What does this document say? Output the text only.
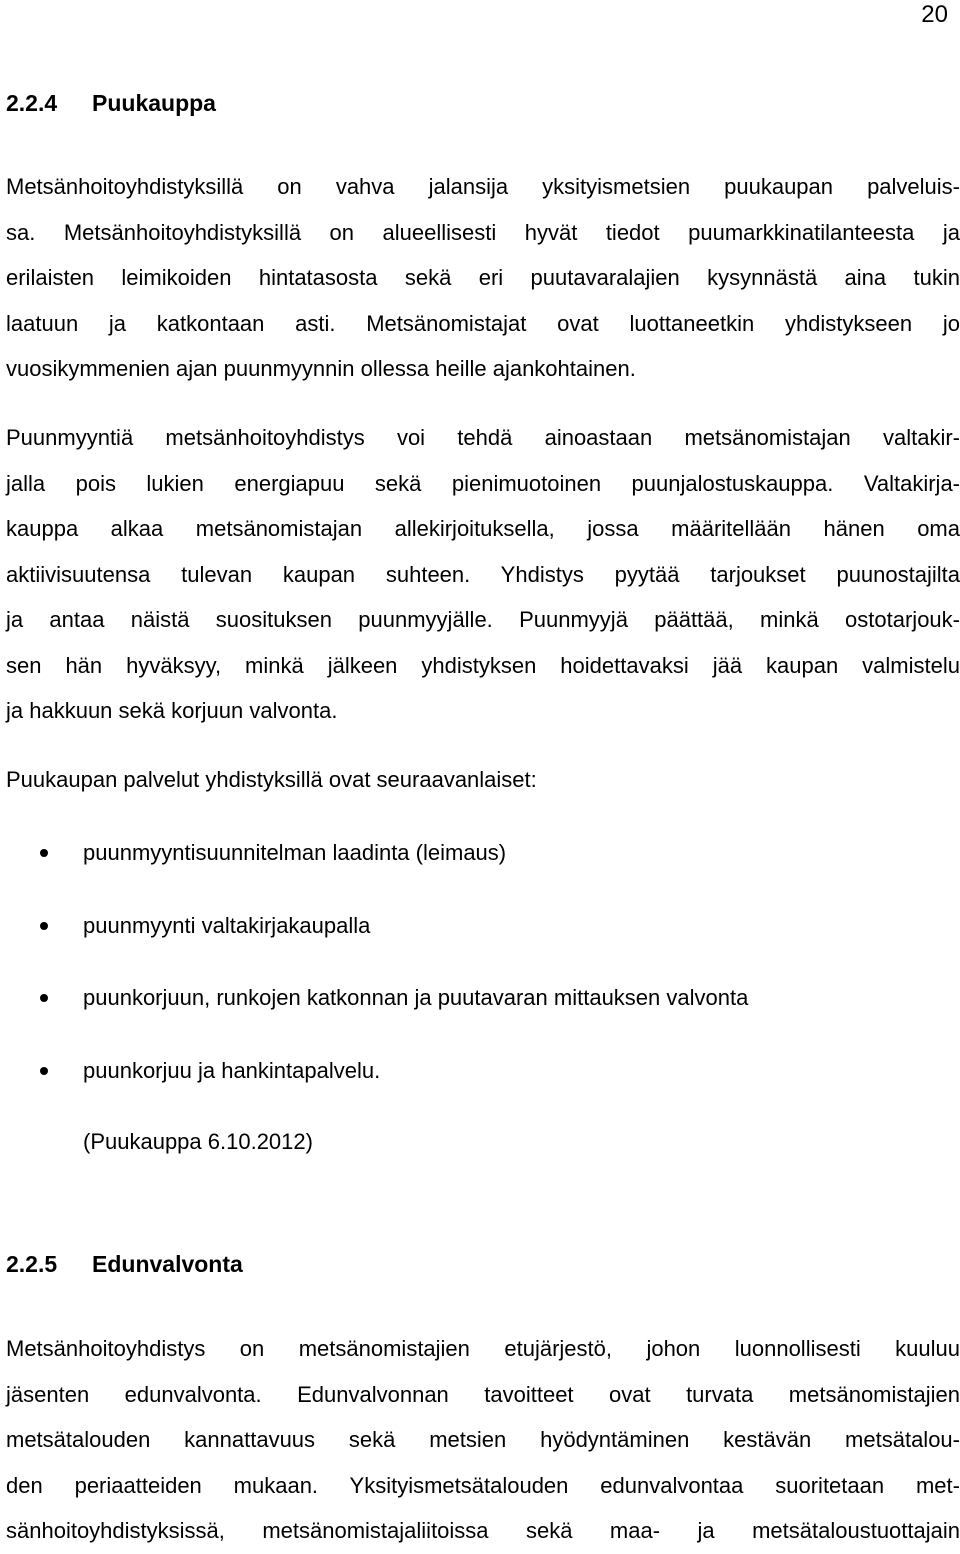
20
2.2.4 Puukauppa
Metsänhoitoyhdistyksillä on vahva jalansija yksityismetsien puukaupan palveluis-
sa. Metsänhoitoyhdistyksillä on alueellisesti hyvät tiedot puumarkkinatilanteesta ja
erilaisten leimikoiden hintatasosta sekä eri puutavaralajien kysynnästä aina tukin
laatuun ja katkontaan asti. Metsänomistajat ovat luottaneetkin yhdistykseen jo
vuosikymmenien ajan puunmyynnin ollessa heille ajankohtainen.
Puunmyyntiä metsänhoitoyhdistys voi tehdä ainoastaan metsänomistajan valtakir-
jalla pois lukien energiapuu sekä pienimuotoinen puunjalostuskauppa. Valtakirja-
kauppa alkaa metsänomistajan allekirjoituksella, jossa määritellään hänen oma
aktiivisuutensa tulevan kaupan suhteen. Yhdistys pyytää tarjoukset puunostajilta
ja antaa näistä suosituksen puunmyyjälle. Puunmyyjä päättää, minkä ostotarjouk-
sen hän hyväksyy, minkä jälkeen yhdistyksen hoidettavaksi jää kaupan valmistelu
ja hakkuun sekä korjuun valvonta.
Puukaupan palvelut yhdistyksillä ovat seuraavanlaiset:
puunmyyntisuunnitelman laadinta (leimaus)
puunmyynti valtakirjakaupalla
puunkorjuun, runkojen katkonnan ja puutavaran mittauksen valvonta
puunkorjuu ja hankintapalvelu.
(Puukauppa 6.10.2012)
2.2.5 Edunvalvonta
Metsänhoitoyhdistys on metsänomistajien etujärjestö, johon luonnollisesti kuuluu
jäsenten edunvalvonta. Edunvalvonnan tavoitteet ovat turvata metsänomistajien
metsätalouden kannattavuus sekä metsien hyödyntäminen kestävän metsätalou-
den periaatteiden mukaan. Yksityismetsätalouden edunvalvontaa suoritetaan met-
sänhoitoyhdistyksissä, metsänomistajaliitoissa sekä maa- ja metsätaloustuottajain
